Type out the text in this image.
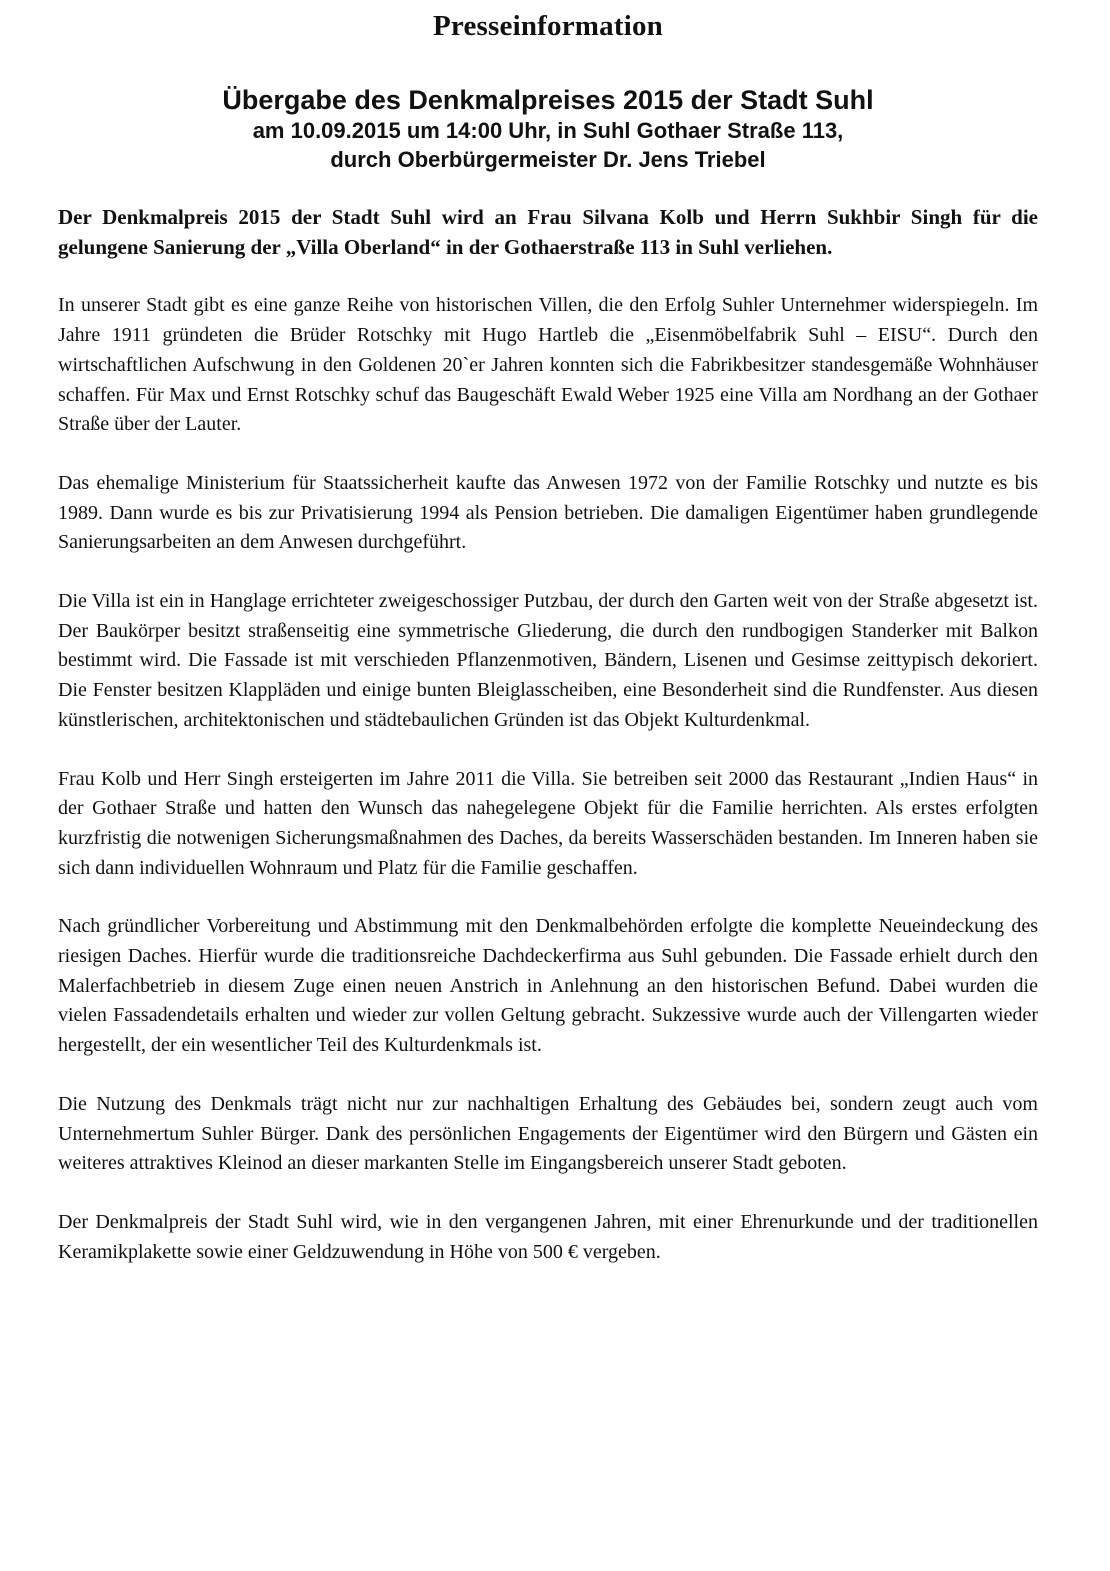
Presseinformation
Übergabe des Denkmalpreises 2015 der Stadt Suhl
am 10.09.2015 um 14:00 Uhr, in Suhl Gothaer Straße 113,
durch Oberbürgermeister Dr. Jens Triebel

Der Denkmalpreis 2015 der Stadt Suhl wird an Frau Silvana Kolb und Herrn Sukhbir Singh für die gelungene Sanierung der „Villa Oberland“ in der Gothaerstraße 113 in Suhl verliehen.

In unserer Stadt gibt es eine ganze Reihe von historischen Villen, die den Erfolg Suhler Unternehmer widerspiegeln. Im Jahre 1911 gründeten die Brüder Rotschky mit Hugo Hartleb die „Eisenmöbelfabrik Suhl – EISU“. Durch den wirtschaftlichen Aufschwung in den Goldenen 20`er Jahren konnten sich die Fabrikbesitzer standesgemäße Wohnhäuser schaffen. Für Max und Ernst Rotschky schuf das Baugeschäft Ewald Weber 1925 eine Villa am Nordhang an der Gothaer Straße über der Lauter.

Das ehemalige Ministerium für Staatssicherheit kaufte das Anwesen 1972 von der Familie Rotschky und nutzte es bis 1989. Dann wurde es bis zur Privatisierung 1994 als Pension betrieben. Die damaligen Eigentümer haben grundlegende Sanierungsarbeiten an dem Anwesen durchgeführt.

Die Villa ist ein in Hanglage errichteter zweigeschossiger Putzbau, der durch den Garten weit von der Straße abgesetzt ist. Der Baukörper besitzt straßenseitig eine symmetrische Gliederung, die durch den rundbogigen Standerker mit Balkon bestimmt wird. Die Fassade ist mit verschieden Pflanzenmotiven, Bändern, Lisenen und Gesimse zeittypisch dekoriert. Die Fenster besitzen Klappläden und einige bunten Bleiglasscheiben, eine Besonderheit sind die Rundfenster. Aus diesen künstlerischen, architektonischen und städtebaulichen Gründen ist das Objekt Kulturdenkmal.

Frau Kolb und Herr Singh ersteigerten im Jahre 2011 die Villa. Sie betreiben seit 2000 das Restaurant „Indien Haus“ in der Gothaer Straße und hatten den Wunsch das nahegelegene Objekt für die Familie herrichten. Als erstes erfolgten kurzfristig die notwenigen Sicherungsmaßnahmen des Daches, da bereits Wasserschäden bestanden. Im Inneren haben sie sich dann individuellen Wohnraum und Platz für die Familie geschaffen.

Nach gründlicher Vorbereitung und Abstimmung mit den Denkmalbehörden erfolgte die komplette Neueindeckung des riesigen Daches. Hierfür wurde die traditionsreiche Dachdeckerfirma aus Suhl gebunden. Die Fassade erhielt durch den Malerfachbetrieb in diesem Zuge einen neuen Anstrich in Anlehnung an den historischen Befund. Dabei wurden die vielen Fassadendetails erhalten und wieder zur vollen Geltung gebracht. Sukzessive wurde auch der Villengarten wieder hergestellt, der ein wesentlicher Teil des Kulturdenkmals ist.

Die Nutzung des Denkmals trägt nicht nur zur nachhaltigen Erhaltung des Gebäudes bei, sondern zeugt auch vom Unternehmertum Suhler Bürger. Dank des persönlichen Engagements der Eigentümer wird den Bürgern und Gästen ein weiteres attraktives Kleinod an dieser markanten Stelle im Eingangsbereich unserer Stadt geboten.

Der Denkmalpreis der Stadt Suhl wird, wie in den vergangenen Jahren, mit einer Ehrenurkunde und der traditionellen Keramikplakette sowie einer Geldzuwendung in Höhe von 500 € vergeben.
